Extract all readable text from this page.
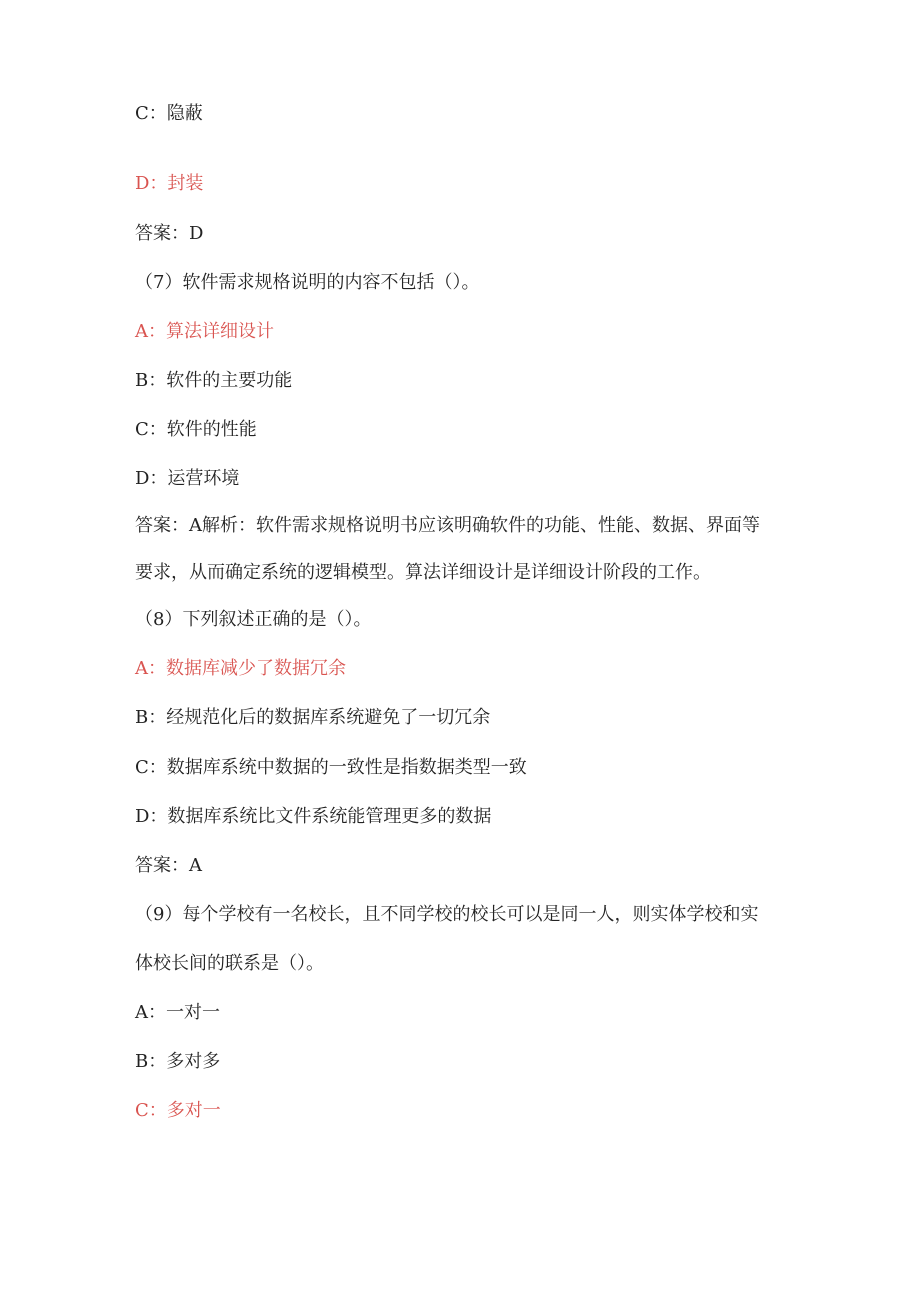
C：隐蔽
D：封装
答案：D
（7）软件需求规格说明的内容不包括（）。
A：算法详细设计
B：软件的主要功能
C：软件的性能
D：运营环境
答案：A解析：软件需求规格说明书应该明确软件的功能、性能、数据、界面等
要求，从而确定系统的逻辑模型。算法详细设计是详细设计阶段的工作。
（8）下列叙述正确的是（）。
A：数据库减少了数据冗余
B：经规范化后的数据库系统避免了一切冗余
C：数据库系统中数据的一致性是指数据类型一致
D：数据库系统比文件系统能管理更多的数据
答案：A
（9）每个学校有一名校长，且不同学校的校长可以是同一人，则实体学校和实
体校长间的联系是（）。
A：一对一
B：多对多
C：多对一
